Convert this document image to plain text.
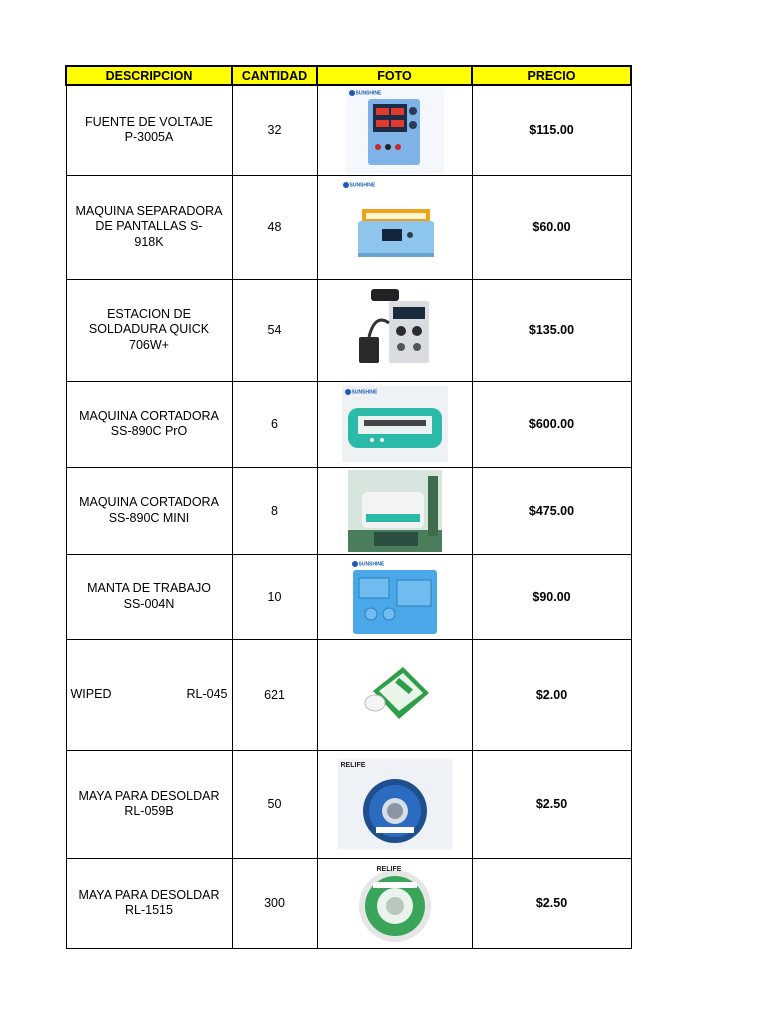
DESCRIPCION	CANTIDAD	FOTO	PRECIO

FUENTE DE VOLTAJE
P-3005A	32	SUNSHINE	$115.00

MAQUINA SEPARADORA
DE PANTALLAS S-
918K	48	SUNSHINE	$60.00

ESTACION DE
SOLDADURA QUICK
706W+	54		$135.00

MAQUINA CORTADORA
SS-890C PrO	6	SUNSHINE	$600.00

MAQUINA CORTADORA
SS-890C MINI	8		$475.00

MANTA DE TRABAJO
SS-004N	10	SUNSHINE	$90.00

WIPED RL-045	621		$2.00

MAYA PARA DESOLDAR
RL-059B	50	RELIFE	$2.50

MAYA PARA DESOLDAR
RL-1515	300	RELIFE	$2.50
